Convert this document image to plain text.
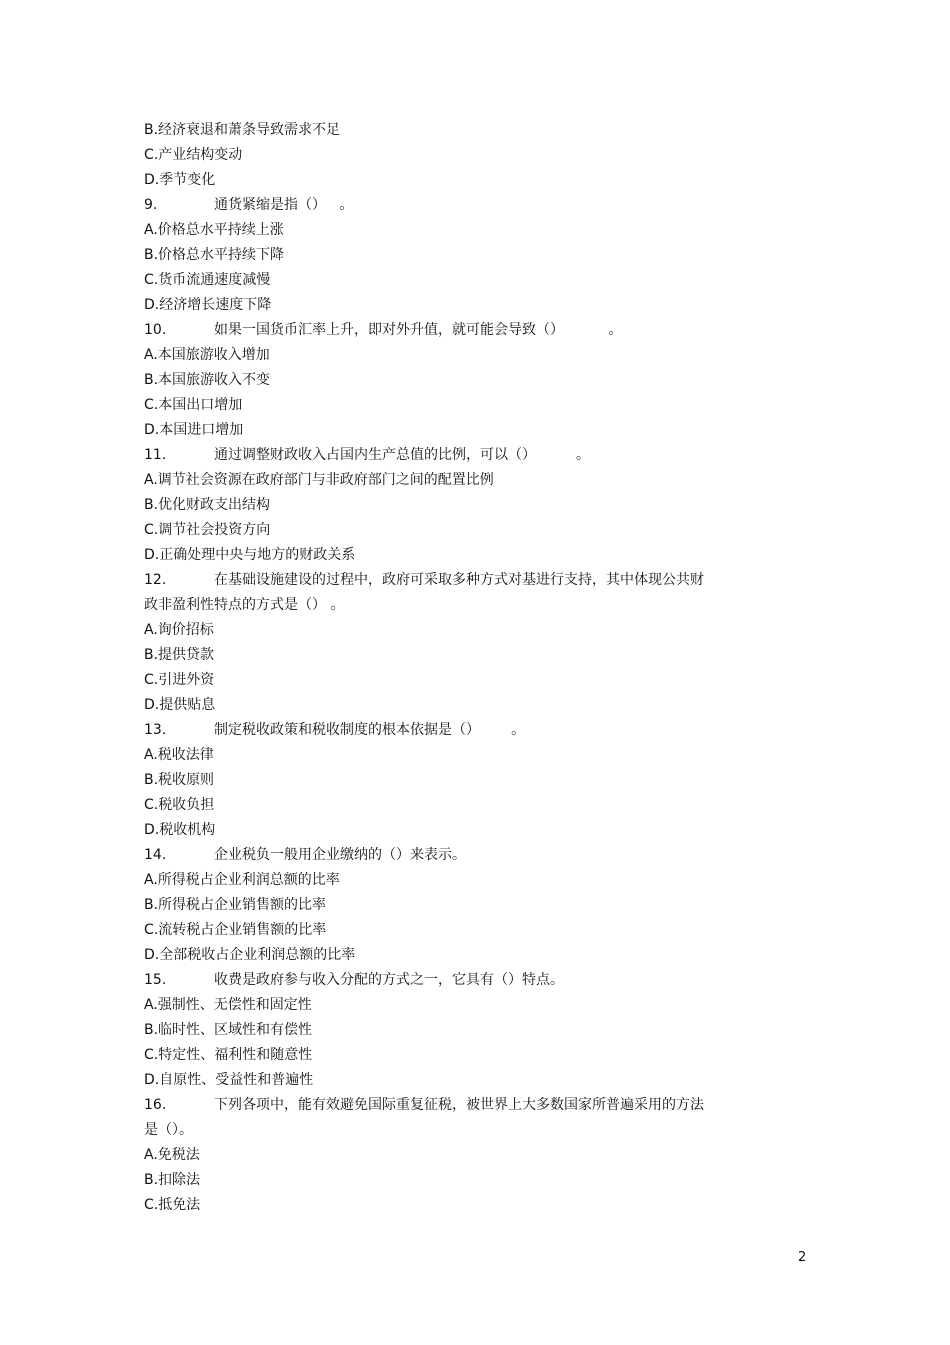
B.经济衰退和萧条导致需求不足
C.产业结构变动
D.季节变化
9.	通货紧缩是指（）   。
A.价格总水平持续上涨
B.价格总水平持续下降
C.货币流通速度减慢
D.经济增长速度下降
10.	如果一国货币汇率上升，即对外升值，就可能会导致（）          。
A.本国旅游收入增加
B.本国旅游收入不变
C.本国出口增加
D.本国进口增加
11.	通过调整财政收入占国内生产总值的比例，可以（）         。
A.调节社会资源在政府部门与非政府部门之间的配置比例
B.优化财政支出结构
C.调节社会投资方向
D.正确处理中央与地方的财政关系
12.	在基础设施建设的过程中，政府可采取多种方式对基进行支持，其中体现公共财
政非盈利性特点的方式是（） 。
A.询价招标
B.提供贷款
C.引进外资
D.提供贴息
13.	制定税收政策和税收制度的根本依据是（）       。
A.税收法律
B.税收原则
C.税收负担
D.税收机构
14.	企业税负一般用企业缴纳的（）来表示。
A.所得税占企业利润总额的比率
B.所得税占企业销售额的比率
C.流转税占企业销售额的比率
D.全部税收占企业利润总额的比率
15.	收费是政府参与收入分配的方式之一，它具有（）特点。
A.强制性、无偿性和固定性
B.临时性、区域性和有偿性
C.特定性、福利性和随意性
D.自原性、受益性和普遍性
16.	下列各项中，能有效避免国际重复征税，被世界上大多数国家所普遍采用的方法
是（）。
A.免税法
B.扣除法
C.抵免法
2
